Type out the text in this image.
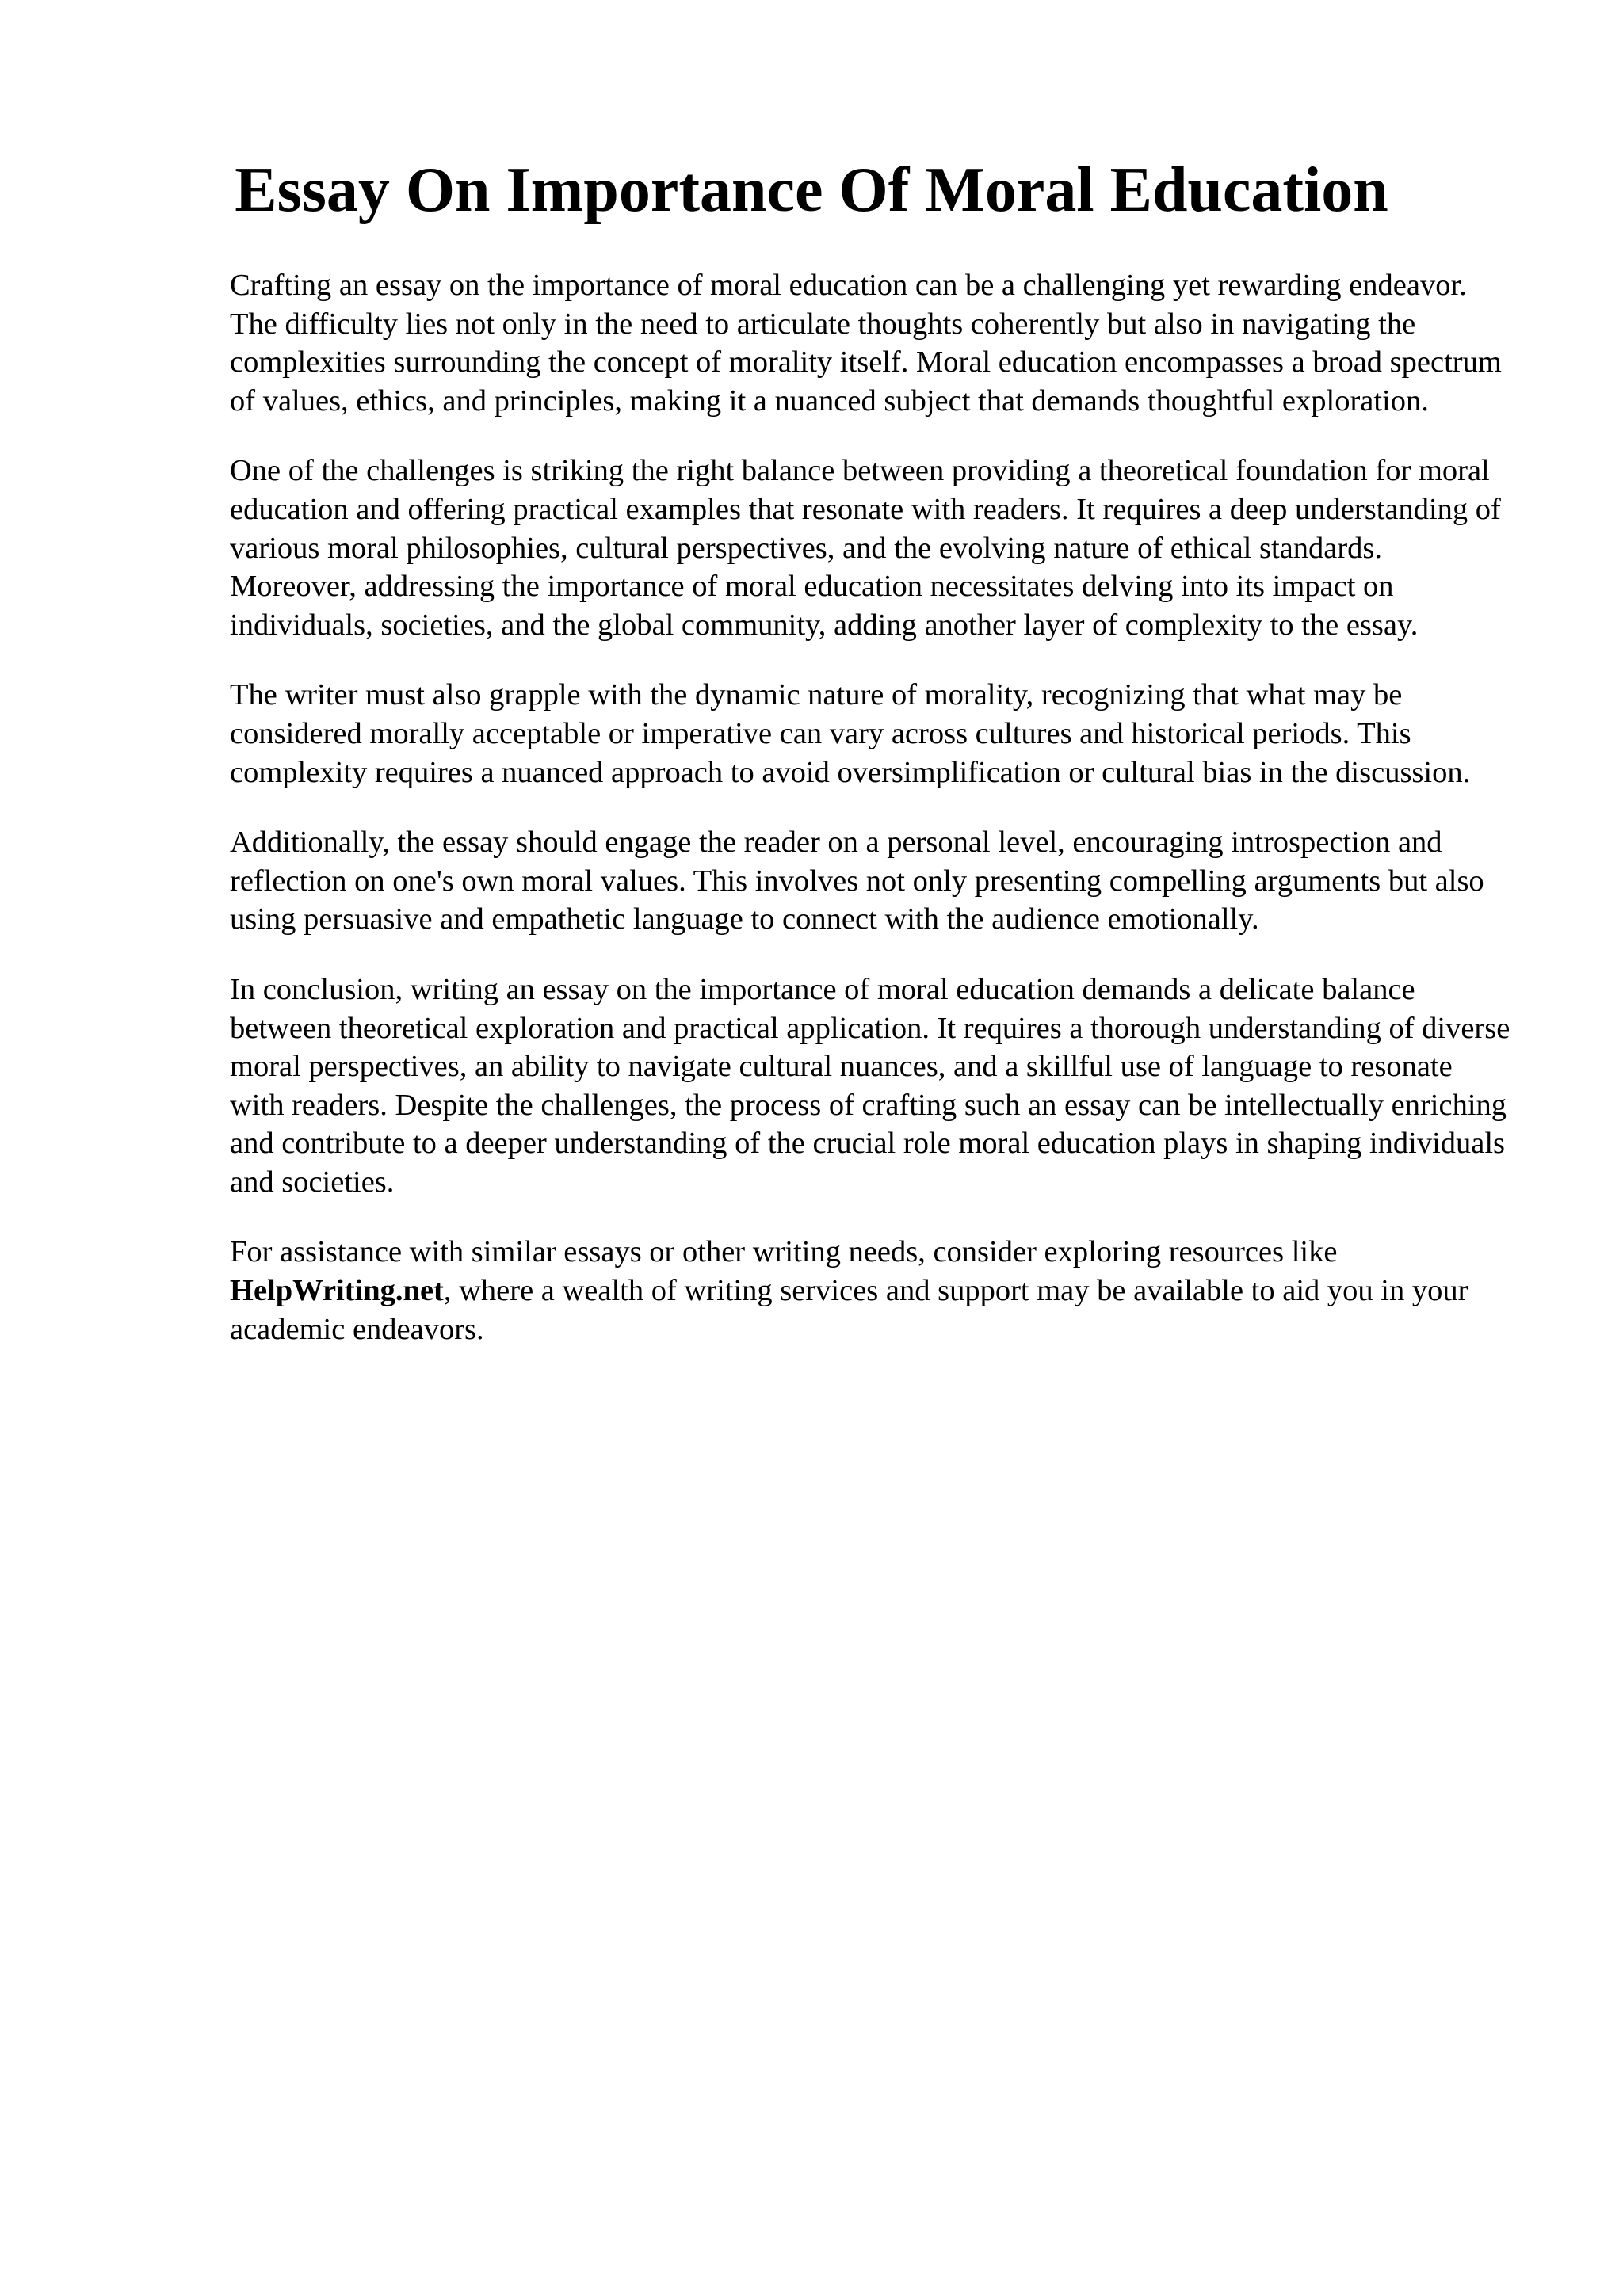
Essay On Importance Of Moral Education

Crafting an essay on the importance of moral education can be a challenging yet rewarding endeavor. The difficulty lies not only in the need to articulate thoughts coherently but also in navigating the complexities surrounding the concept of morality itself. Moral education encompasses a broad spectrum of values, ethics, and principles, making it a nuanced subject that demands thoughtful exploration.

One of the challenges is striking the right balance between providing a theoretical foundation for moral education and offering practical examples that resonate with readers. It requires a deep understanding of various moral philosophies, cultural perspectives, and the evolving nature of ethical standards. Moreover, addressing the importance of moral education necessitates delving into its impact on individuals, societies, and the global community, adding another layer of complexity to the essay.

The writer must also grapple with the dynamic nature of morality, recognizing that what may be considered morally acceptable or imperative can vary across cultures and historical periods. This complexity requires a nuanced approach to avoid oversimplification or cultural bias in the discussion.

Additionally, the essay should engage the reader on a personal level, encouraging introspection and reflection on one's own moral values. This involves not only presenting compelling arguments but also using persuasive and empathetic language to connect with the audience emotionally.

In conclusion, writing an essay on the importance of moral education demands a delicate balance between theoretical exploration and practical application. It requires a thorough understanding of diverse moral perspectives, an ability to navigate cultural nuances, and a skillful use of language to resonate with readers. Despite the challenges, the process of crafting such an essay can be intellectually enriching and contribute to a deeper understanding of the crucial role moral education plays in shaping individuals and societies.

For assistance with similar essays or other writing needs, consider exploring resources like HelpWriting.net, where a wealth of writing services and support may be available to aid you in your academic endeavors.
